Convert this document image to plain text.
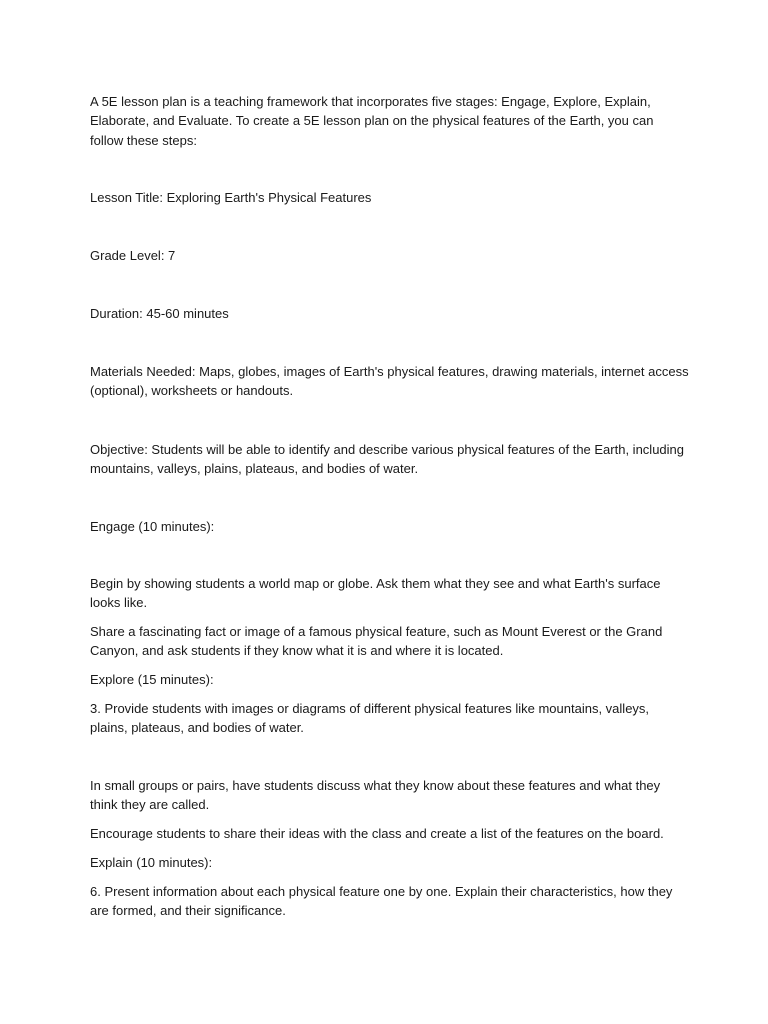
A 5E lesson plan is a teaching framework that incorporates five stages: Engage, Explore, Explain, Elaborate, and Evaluate. To create a 5E lesson plan on the physical features of the Earth, you can follow these steps:

Lesson Title: Exploring Earth's Physical Features

Grade Level: 7

Duration: 45-60 minutes

Materials Needed: Maps, globes, images of Earth's physical features, drawing materials, internet access (optional), worksheets or handouts.

Objective: Students will be able to identify and describe various physical features of the Earth, including mountains, valleys, plains, plateaus, and bodies of water.

Engage (10 minutes):

Begin by showing students a world map or globe. Ask them what they see and what Earth's surface looks like.

Share a fascinating fact or image of a famous physical feature, such as Mount Everest or the Grand Canyon, and ask students if they know what it is and where it is located.

Explore (15 minutes):

3. Provide students with images or diagrams of different physical features like mountains, valleys, plains, plateaus, and bodies of water.

In small groups or pairs, have students discuss what they know about these features and what they think they are called.

Encourage students to share their ideas with the class and create a list of the features on the board.

Explain (10 minutes):

6. Present information about each physical feature one by one. Explain their characteristics, how they are formed, and their significance.
